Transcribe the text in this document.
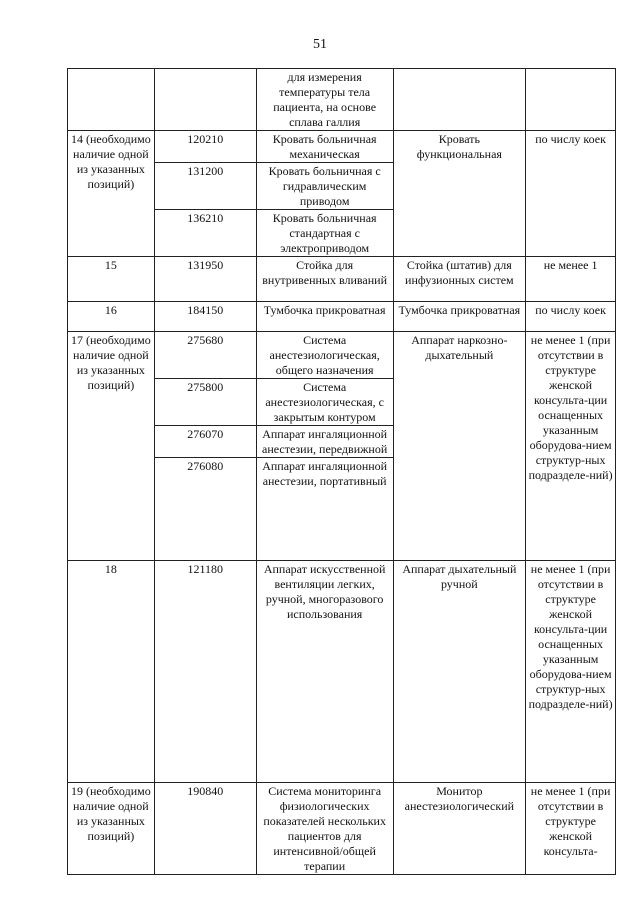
51
		для измерения температуры тела пациента, на основе сплава галлия		
14 (необходимо наличие одной из указанных позиций)	120210	Кровать больничная механическая	Кровать функциональная	по числу коек
	131200	Кровать больничная с гидравлическим приводом		
	136210	Кровать больничная стандартная с электроприводом		
15	131950	Стойка для внутривенных вливаний	Стойка (штатив) для инфузионных систем	не менее 1
16	184150	Тумбочка прикроватная	Тумбочка прикроватная	по числу коек
17 (необходимо наличие одной из указанных позиций)	275680	Система анестезиологическая, общего назначения	Аппарат наркозно-дыхательный	не менее 1 (при отсутствии в структуре женской консульта-ции оснащенных указанным оборудова-нием структур-ных подразделе-ний)
	275800	Система анестезиологическая, с закрытым контуром		
	276070	Аппарат ингаляционной анестезии, передвижной		
	276080	Аппарат ингаляционной анестезии, портативный		
18	121180	Аппарат искусственной вентиляции легких, ручной, многоразового использования	Аппарат дыхательный ручной	не менее 1 (при отсутствии в структуре женской консульта-ции оснащенных указанным оборудова-нием структур-ных подразделе-ний)
19 (необходимо наличие одной из указанных позиций)	190840	Система мониторинга физиологических показателей нескольких пациентов для интенсивной/общей терапии	Монитор анестезиологический	не менее 1 (при отсутствии в структуре женской консульта-
